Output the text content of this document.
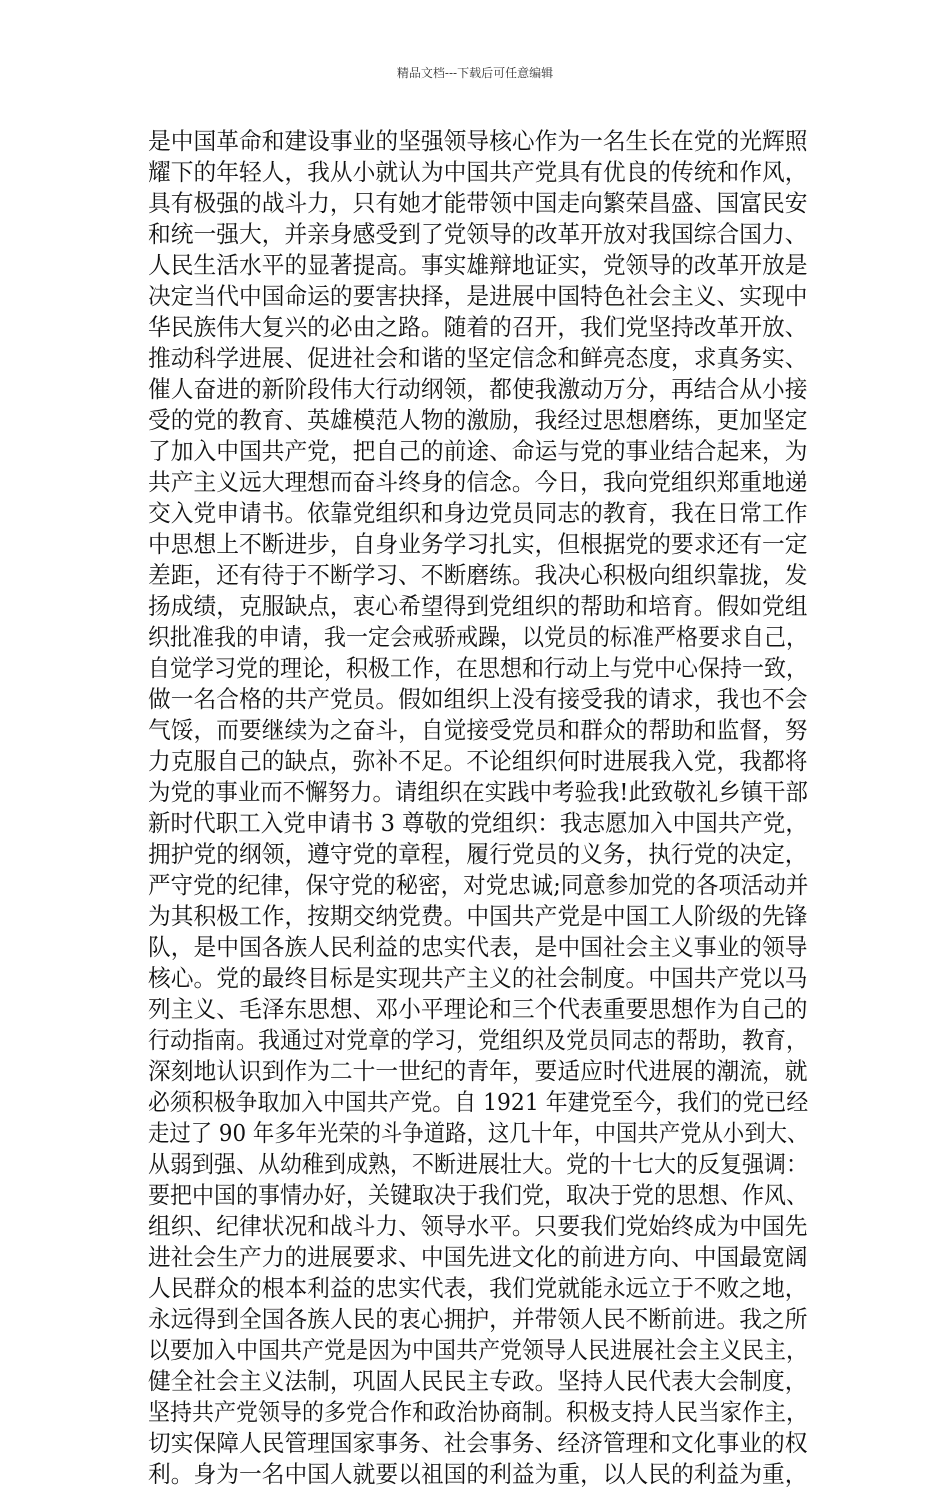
精品文档---下载后可任意编辑
是中国革命和建设事业的坚强领导核心作为一名生长在党的光辉照
耀下的年轻人，我从小就认为中国共产党具有优良的传统和作风，
具有极强的战斗力，只有她才能带领中国走向繁荣昌盛、国富民安
和统一强大，并亲身感受到了党领导的改革开放对我国综合国力、
人民生活水平的显著提高。事实雄辩地证实，党领导的改革开放是
决定当代中国命运的要害抉择，是进展中国特色社会主义、实现中
华民族伟大复兴的必由之路。随着的召开，我们党坚持改革开放、
推动科学进展、促进社会和谐的坚定信念和鲜亮态度，求真务实、
催人奋进的新阶段伟大行动纲领，都使我激动万分，再结合从小接
受的党的教育、英雄模范人物的激励，我经过思想磨练，更加坚定
了加入中国共产党，把自己的前途、命运与党的事业结合起来，为
共产主义远大理想而奋斗终身的信念。今日，我向党组织郑重地递
交入党申请书。依靠党组织和身边党员同志的教育，我在日常工作
中思想上不断进步，自身业务学习扎实，但根据党的要求还有一定
差距，还有待于不断学习、不断磨练。我决心积极向组织靠拢，发
扬成绩，克服缺点，衷心希望得到党组织的帮助和培育。假如党组
织批准我的申请，我一定会戒骄戒躁，以党员的标准严格要求自己，
自觉学习党的理论，积极工作，在思想和行动上与党中心保持一致，
做一名合格的共产党员。假如组织上没有接受我的请求，我也不会
气馁，而要继续为之奋斗，自觉接受党员和群众的帮助和监督，努
力克服自己的缺点，弥补不足。不论组织何时进展我入党，我都将
为党的事业而不懈努力。请组织在实践中考验我!此致敬礼乡镇干部
新时代职工入党申请书 3 尊敬的党组织：我志愿加入中国共产党，
拥护党的纲领，遵守党的章程，履行党员的义务，执行党的决定，
严守党的纪律，保守党的秘密，对党忠诚;同意参加党的各项活动并
为其积极工作，按期交纳党费。中国共产党是中国工人阶级的先锋
队，是中国各族人民利益的忠实代表，是中国社会主义事业的领导
核心。党的最终目标是实现共产主义的社会制度。中国共产党以马
列主义、毛泽东思想、邓小平理论和三个代表重要思想作为自己的
行动指南。我通过对党章的学习，党组织及党员同志的帮助，教育，
深刻地认识到作为二十一世纪的青年，要适应时代进展的潮流，就
必须积极争取加入中国共产党。自 1921 年建党至今，我们的党已经
走过了 90 年多年光荣的斗争道路，这几十年，中国共产党从小到大、
从弱到强、从幼稚到成熟，不断进展壮大。党的十七大的反复强调：
要把中国的事情办好，关键取决于我们党，取决于党的思想、作风、
组织、纪律状况和战斗力、领导水平。只要我们党始终成为中国先
进社会生产力的进展要求、中国先进文化的前进方向、中国最宽阔
人民群众的根本利益的忠实代表，我们党就能永远立于不败之地，
永远得到全国各族人民的衷心拥护，并带领人民不断前进。我之所
以要加入中国共产党是因为中国共产党领导人民进展社会主义民主，
健全社会主义法制，巩固人民民主专政。坚持人民代表大会制度，
坚持共产党领导的多党合作和政治协商制。积极支持人民当家作主，
切实保障人民管理国家事务、社会事务、经济管理和文化事业的权
利。身为一名中国人就要以祖国的利益为重，以人民的利益为重，
